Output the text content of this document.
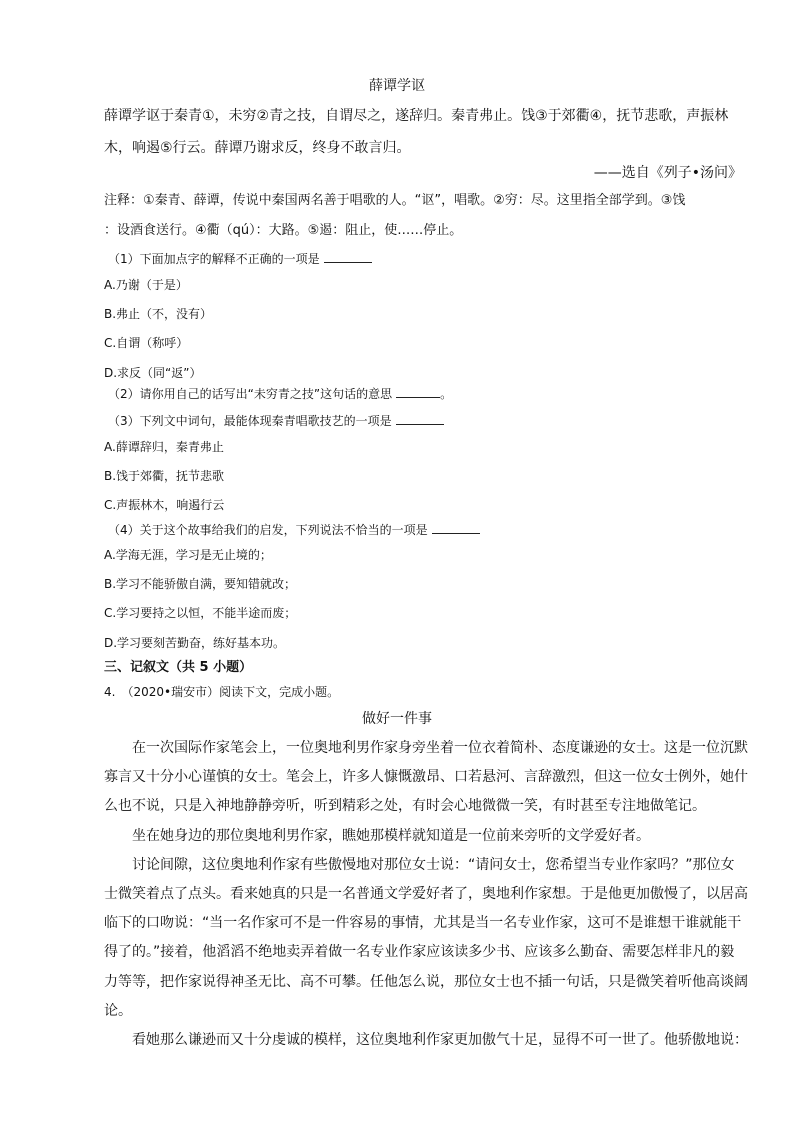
薛谭学讴
薛谭学讴于秦青①，未穷②青之技，自谓尽之，遂辞归。秦青弗止。饯③于郊衢④，抚节悲歌，声振林
木，响遏⑤行云。薛谭乃谢求反，终身不敢言归。
——选自《列子•汤问》
注释：①秦青、薛谭，传说中秦国两名善于唱歌的人。“讴”，唱歌。②穷：尽。这里指全部学到。③饯
：设酒食送行。④衢（qú）：大路。⑤遏：阻止，使……停止。
（1）下面加点字的解释不正确的一项是
A.乃谢（于是）
B.弗止（不，没有）
C.自谓（称呼）
D.求反（同“返”）
（2）请你用自己的话写出“未穷青之技”这句话的意思	。
（3）下列文中词句，最能体现秦青唱歌技艺的一项是
A.薛谭辞归，秦青弗止
B.饯于郊衢，抚节悲歌
C.声振林木，响遏行云
（4）关于这个故事给我们的启发，下列说法不恰当的一项是
A.学海无涯，学习是无止境的；
B.学习不能骄傲自满，要知错就改；
C.学习要持之以恒，不能半途而废；
D.学习要刻苦勤奋，练好基本功。
三、记叙文（共 5 小题）
4.　（2020•瑞安市）阅读下文，完成小题。
做好一件事
在一次国际作家笔会上，一位奥地利男作家身旁坐着一位衣着简朴、态度谦逊的女士。这是一位沉默
寡言又十分小心谨慎的女士。笔会上，许多人慷慨激昂、口若悬河、言辞激烈，但这一位女士例外，她什
么也不说，只是入神地静静旁听，听到精彩之处，有时会心地微微一笑，有时甚至专注地做笔记。
坐在她身边的那位奥地利男作家，瞧她那模样就知道是一位前来旁听的文学爱好者。
讨论间隙，这位奥地利作家有些傲慢地对那位女士说：“请问女士，您希望当专业作家吗？”那位女
士微笑着点了点头。看来她真的只是一名普通文学爱好者了，奥地利作家想。于是他更加傲慢了，以居高
临下的口吻说：“当一名作家可不是一件容易的事情，尤其是当一名专业作家，这可不是谁想干谁就能干
得了的。”接着，他滔滔不绝地卖弄着做一名专业作家应该读多少书、应该多么勤奋、需要怎样非凡的毅
力等等，把作家说得神圣无比、高不可攀。任他怎么说，那位女士也不插一句话，只是微笑着听他高谈阔
论。
看她那么谦逊而又十分虔诚的模样，这位奥地利作家更加傲气十足，显得不可一世了。他骄傲地说：
